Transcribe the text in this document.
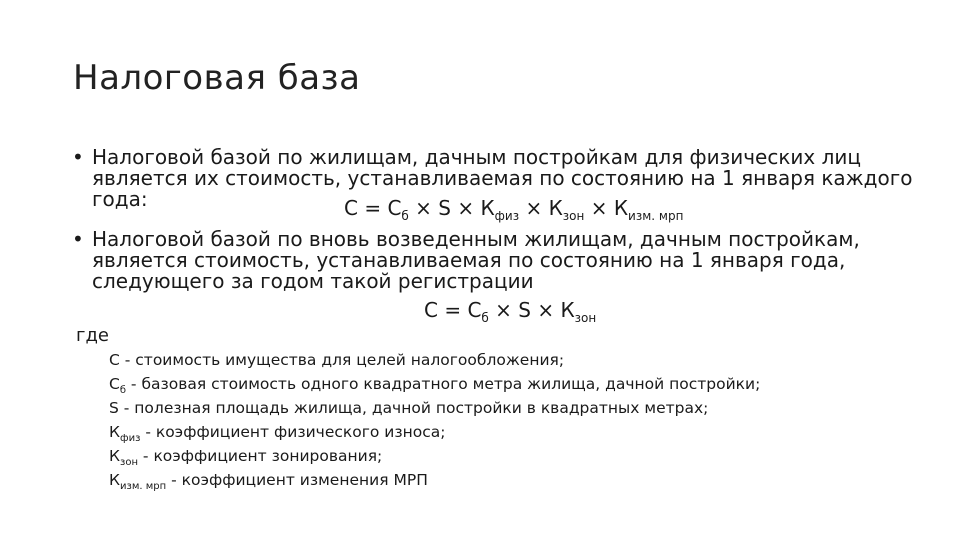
Налоговая база
• Налоговой базой по жилищам, дачным постройкам для физических лиц
является их стоимость, устанавливаемая по состоянию на 1 января каждого года:	$С = С_б \times S \times К_{физ} \times К_{зон} \times К_{изм. мрп}$
• Налоговой базой по вновь возведенным жилищам, дачным постройкам,
является стоимость, устанавливаемая по состоянию на 1 января года,
следующего за годом такой регистрации
$С = С_б \times S \times К_{зон}$
где
С - стоимость имущества для целей налогообложения;
$С_б$ - базовая стоимость одного квадратного метра жилища, дачной постройки;
S - полезная площадь жилища, дачной постройки в квадратных метрах;
$К_{физ}$ - коэффициент физического износа;
$К_{зон}$ - коэффициент зонирования;
$К_{изм. мрп}$ - коэффициент изменения МРП
